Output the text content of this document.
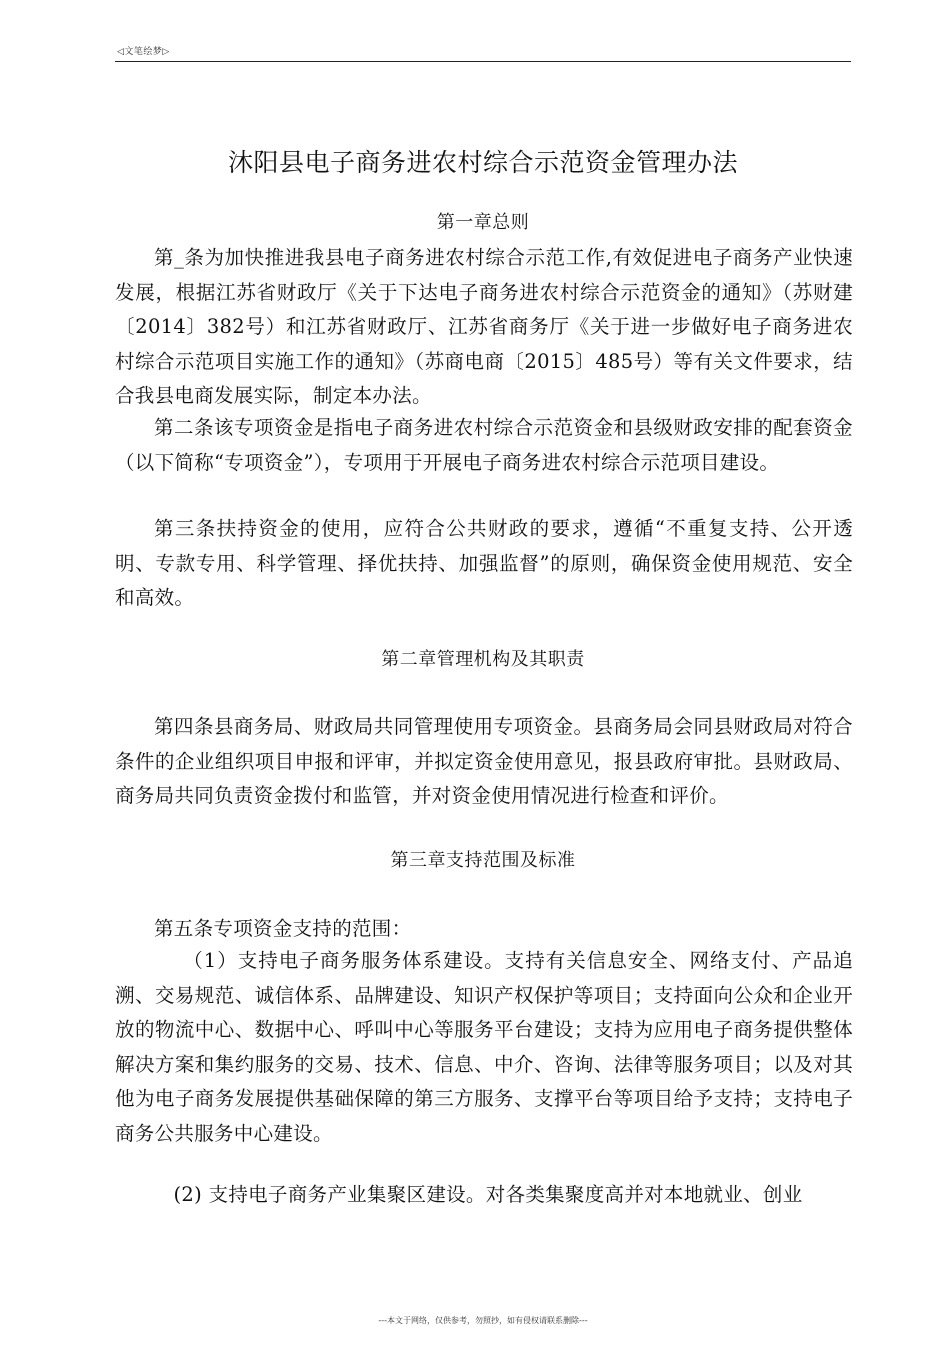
◁文笔绘梦▷
沐阳县电子商务进农村综合示范资金管理办法
第一章总则

第_条为加快推进我县电子商务进农村综合示范工作,有效促进电子商务产业快速发展，根据江苏省财政厅《关于下达电子商务进农村综合示范资金的通知》（苏财建〔2014〕382号）和江苏省财政厅、江苏省商务厅《关于进一步做好电子商务进农村综合示范项目实施工作的通知》（苏商电商〔2015〕485号）等有关文件要求，结合我县电商发展实际，制定本办法。

第二条该专项资金是指电子商务进农村综合示范资金和县级财政安排的配套资金（以下简称“专项资金”），专项用于开展电子商务进农村综合示范项目建设。

第三条扶持资金的使用，应符合公共财政的要求，遵循“不重复支持、公开透明、专款专用、科学管理、择优扶持、加强监督”的原则，确保资金使用规范、安全和高效。

第二章管理机构及其职责

第四条县商务局、财政局共同管理使用专项资金。县商务局会同县财政局对符合条件的企业组织项目申报和评审，并拟定资金使用意见，报县政府审批。县财政局、商务局共同负责资金拨付和监管，并对资金使用情况进行检查和评价。

第三章支持范围及标准

第五条专项资金支持的范围：

（1）支持电子商务服务体系建设。支持有关信息安全、网络支付、产品追溯、交易规范、诚信体系、品牌建设、知识产权保护等项目；支持面向公众和企业开放的物流中心、数据中心、呼叫中心等服务平台建设；支持为应用电子商务提供整体解决方案和集约服务的交易、技术、信息、中介、咨询、法律等服务项目；以及对其他为电子商务发展提供基础保障的第三方服务、支撑平台等项目给予支持；支持电子商务公共服务中心建设。

(2) 支持电子商务产业集聚区建设。对各类集聚度高并对本地就业、创业

---本文于网络，仅供参考，勿照抄，如有侵权请联系删除---
